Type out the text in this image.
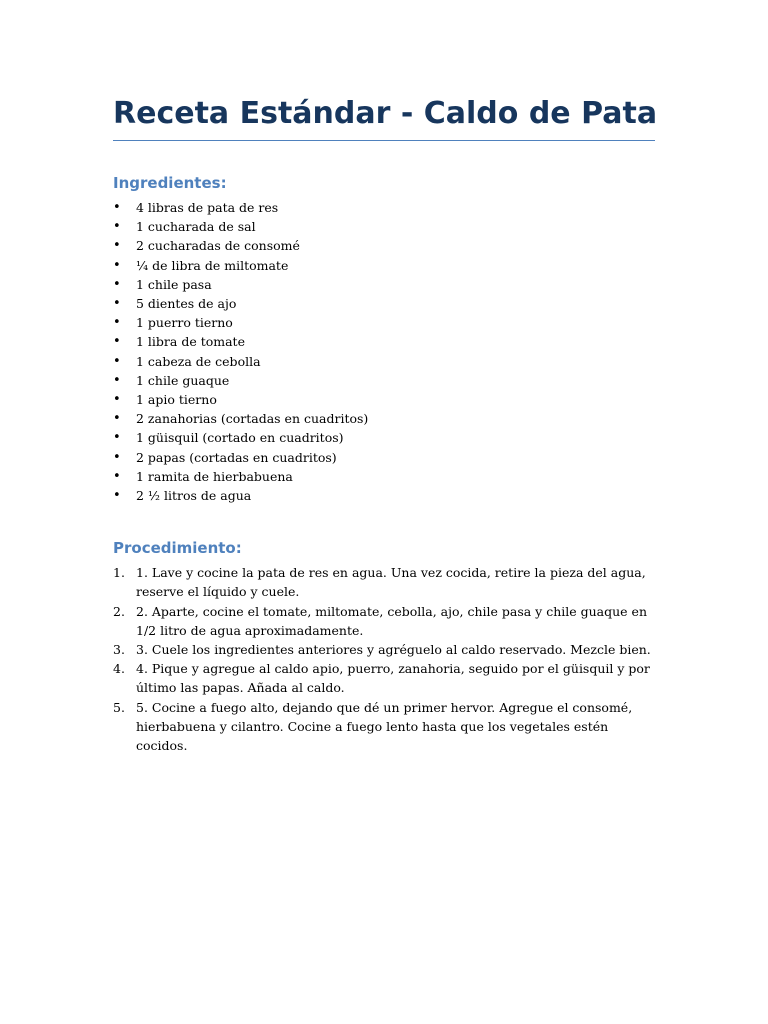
Receta Estándar - Caldo de Pata
Ingredientes:
• 4 libras de pata de res
• 1 cucharada de sal
• 2 cucharadas de consomé
• ¼ de libra de miltomate
• 1 chile pasa
• 5 dientes de ajo
• 1 puerro tierno
• 1 libra de tomate
• 1 cabeza de cebolla
• 1 chile guaque
• 1 apio tierno
• 2 zanahorias (cortadas en cuadritos)
• 1 güisquil (cortado en cuadritos)
• 2 papas (cortadas en cuadritos)
• 1 ramita de hierbabuena
• 2 ½ litros de agua
Procedimiento:
1. 1. Lave y cocine la pata de res en agua. Una vez cocida, retire la pieza del agua, reserve el líquido y cuele.
2. 2. Aparte, cocine el tomate, miltomate, cebolla, ajo, chile pasa y chile guaque en 1/2 litro de agua aproximadamente.
3. 3. Cuele los ingredientes anteriores y agréguelo al caldo reservado. Mezcle bien.
4. 4. Pique y agregue al caldo apio, puerro, zanahoria, seguido por el güisquil y por último las papas. Añada al caldo.
5. 5. Cocine a fuego alto, dejando que dé un primer hervor. Agregue el consomé, hierbabuena y cilantro. Cocine a fuego lento hasta que los vegetales estén cocidos.
